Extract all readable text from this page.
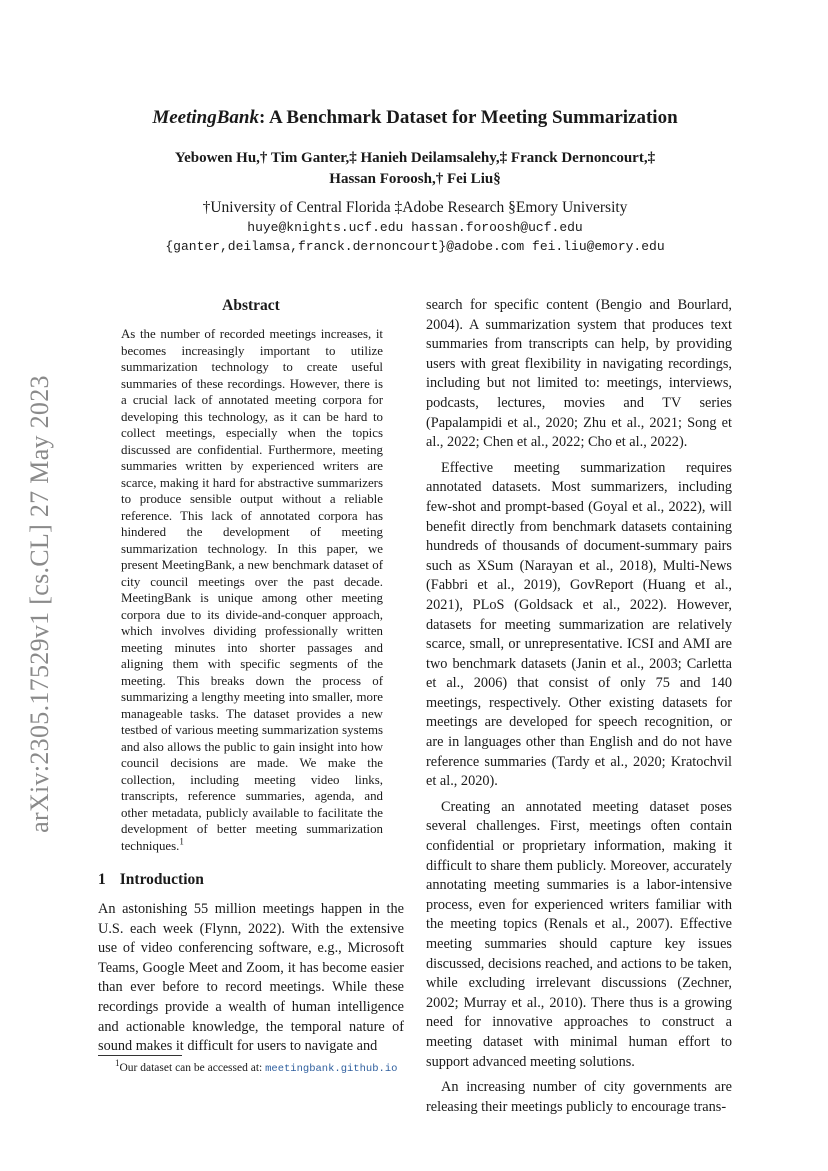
arXiv:2305.17529v1 [cs.CL] 27 May 2023
MeetingBank: A Benchmark Dataset for Meeting Summarization
Yebowen Hu,† Tim Ganter,‡ Hanieh Deilamsalehy,‡ Franck Dernoncourt,‡
Hassan Foroosh,† Fei Liu§
†University of Central Florida ‡Adobe Research §Emory University
huye@knights.ucf.edu hassan.foroosh@ucf.edu
{ganter,deilamsa,franck.dernoncourt}@adobe.com fei.liu@emory.edu
Abstract
As the number of recorded meetings increases, it becomes increasingly important to utilize summarization technology to create useful summaries of these recordings. However, there is a crucial lack of annotated meeting corpora for developing this technology, as it can be hard to collect meetings, especially when the topics discussed are confidential. Furthermore, meeting summaries written by experienced writers are scarce, making it hard for abstractive summarizers to produce sensible output without a reliable reference. This lack of annotated corpora has hindered the development of meeting summarization technology. In this paper, we present MeetingBank, a new benchmark dataset of city council meetings over the past decade. MeetingBank is unique among other meeting corpora due to its divide-and-conquer approach, which involves dividing professionally written meeting minutes into shorter passages and aligning them with specific segments of the meeting. This breaks down the process of summarizing a lengthy meeting into smaller, more manageable tasks. The dataset provides a new testbed of various meeting summarization systems and also allows the public to gain insight into how council decisions are made. We make the collection, including meeting video links, transcripts, reference summaries, agenda, and other metadata, publicly available to facilitate the development of better meeting summarization techniques.$^1$
1 Introduction
An astonishing 55 million meetings happen in the U.S. each week (Flynn, 2022). With the extensive use of video conferencing software, e.g., Microsoft Teams, Google Meet and Zoom, it has become easier than ever before to record meetings. While these recordings provide a wealth of human intelligence and actionable knowledge, the temporal nature of sound makes it difficult for users to navigate and
$^1$Our dataset can be accessed at: meetingbank.github.io

search for specific content (Bengio and Bourlard, 2004). A summarization system that produces text summaries from transcripts can help, by providing users with great flexibility in navigating recordings, including but not limited to: meetings, interviews, podcasts, lectures, movies and TV series (Papalampidi et al., 2020; Zhu et al., 2021; Song et al., 2022; Chen et al., 2022; Cho et al., 2022).

Effective meeting summarization requires annotated datasets. Most summarizers, including few-shot and prompt-based (Goyal et al., 2022), will benefit directly from benchmark datasets containing hundreds of thousands of document-summary pairs such as XSum (Narayan et al., 2018), Multi-News (Fabbri et al., 2019), GovReport (Huang et al., 2021), PLoS (Goldsack et al., 2022). However, datasets for meeting summarization are relatively scarce, small, or unrepresentative. ICSI and AMI are two benchmark datasets (Janin et al., 2003; Carletta et al., 2006) that consist of only 75 and 140 meetings, respectively. Other existing datasets for meetings are developed for speech recognition, or are in languages other than English and do not have reference summaries (Tardy et al., 2020; Kratochvil et al., 2020).

Creating an annotated meeting dataset poses several challenges. First, meetings often contain confidential or proprietary information, making it difficult to share them publicly. Moreover, accurately annotating meeting summaries is a labor-intensive process, even for experienced writers familiar with the meeting topics (Renals et al., 2007). Effective meeting summaries should capture key issues discussed, decisions reached, and actions to be taken, while excluding irrelevant discussions (Zechner, 2002; Murray et al., 2010). There thus is a growing need for innovative approaches to construct a meeting dataset with minimal human effort to support advanced meeting solutions.

An increasing number of city governments are releasing their meetings publicly to encourage trans-
